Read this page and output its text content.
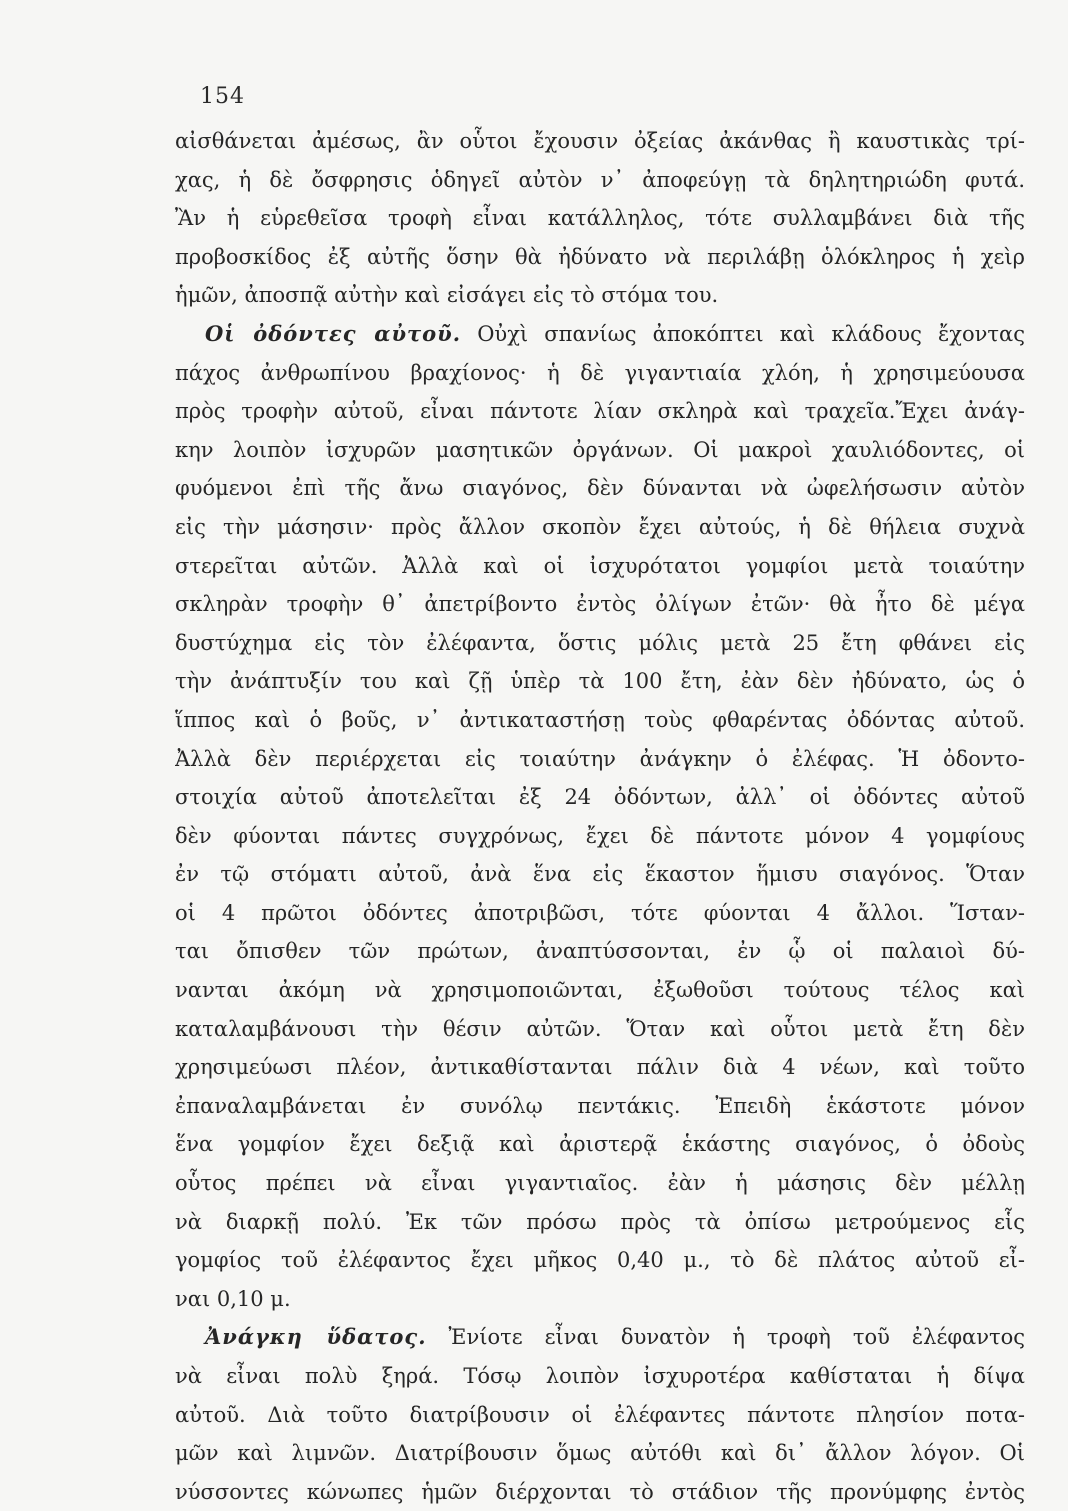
154
αἰσθάνεται ἀμέσως, ἂν οὗτοι ἔχουσιν ὀξείας ἀκάνθας ἢ καυστικὰς τρί-
χας, ἡ δὲ ὄσφρησις ὁδηγεῖ αὐτὸν ν᾿ ἀποφεύγῃ τὰ δηλητηριώδη φυτά.
Ἂν ἡ εὑρεθεῖσα τροφὴ εἶναι κατάλληλος, τότε συλλαμβάνει διὰ τῆς
προβοσκίδος ἐξ αὐτῆς ὅσην θὰ ἠδύνατο νὰ περιλάβῃ ὁλόκληρος ἡ χεὶρ
ἡμῶν, ἀποσπᾷ αὐτὴν καὶ εἰσάγει εἰς τὸ στόμα του.
Οἱ ὀδόντες αὐτοῦ. Οὐχὶ σπανίως ἀποκόπτει καὶ κλάδους ἔχοντας
πάχος ἀνθρωπίνου βραχίονος· ἡ δὲ γιγαντιαία χλόη, ἡ χρησιμεύουσα
πρὸς τροφὴν αὐτοῦ, εἶναι πάντοτε λίαν σκληρὰ καὶ τραχεῖα.Ἔχει ἀνάγ-
κην λοιπὸν ἰσχυρῶν μασητικῶν ὀργάνων. Οἱ μακροὶ χαυλιόδοντες, οἱ
φυόμενοι ἐπὶ τῆς ἄνω σιαγόνος, δὲν δύνανται νὰ ὠφελήσωσιν αὐτὸν
εἰς τὴν μάσησιν· πρὸς ἄλλον σκοπὸν ἔχει αὐτούς, ἡ δὲ θήλεια συχνὰ
στερεῖται αὐτῶν. Ἀλλὰ καὶ οἱ ἰσχυρότατοι γομφίοι μετὰ τοιαύτην
σκληρὰν τροφὴν θ᾿ ἀπετρίβοντο ἐντὸς ὀλίγων ἐτῶν· θὰ ἦτο δὲ μέγα
δυστύχημα εἰς τὸν ἐλέφαντα, ὅστις μόλις μετὰ 25 ἔτη φθάνει εἰς
τὴν ἀνάπτυξίν του καὶ ζῇ ὑπὲρ τὰ 100 ἔτη, ἐὰν δὲν ἠδύνατο, ὡς ὁ
ἵππος καὶ ὁ βοῦς, ν᾿ ἀντικαταστήσῃ τοὺς φθαρέντας ὀδόντας αὐτοῦ.
Ἀλλὰ δὲν περιέρχεται εἰς τοιαύτην ἀνάγκην ὁ ἐλέφας. Ἡ ὀδοντο-
στοιχία αὐτοῦ ἀποτελεῖται ἐξ 24 ὀδόντων, ἀλλ᾿ οἱ ὀδόντες αὐτοῦ
δὲν φύονται πάντες συγχρόνως, ἔχει δὲ πάντοτε μόνον 4 γομφίους
ἐν τῷ στόματι αὐτοῦ, ἀνὰ ἕνα εἰς ἕκαστον ἥμισυ σιαγόνος. Ὅταν
οἱ 4 πρῶτοι ὀδόντες ἀποτριβῶσι, τότε φύονται 4 ἄλλοι. Ἵσταν-
ται ὄπισθεν τῶν πρώτων, ἀναπτύσσονται, ἐν ᾧ οἱ παλαιοὶ δύ-
νανται ἀκόμη νὰ χρησιμοποιῶνται, ἐξωθοῦσι τούτους τέλος καὶ
καταλαμβάνουσι τὴν θέσιν αὐτῶν. Ὅταν καὶ οὗτοι μετὰ ἔτη δὲν
χρησιμεύωσι πλέον, ἀντικαθίστανται πάλιν διὰ 4 νέων, καὶ τοῦτο
ἐπαναλαμβάνεται ἐν συνόλῳ πεντάκις. Ἐπειδὴ ἑκάστοτε μόνον
ἕνα γομφίον ἔχει δεξιᾷ καὶ ἀριστερᾷ ἑκάστης σιαγόνος, ὁ ὀδοὺς
οὗτος πρέπει νὰ εἶναι γιγαντιαῖος. ἐὰν ἡ μάσησις δὲν μέλλῃ
νὰ διαρκῇ πολύ. Ἐκ τῶν πρόσω πρὸς τὰ ὀπίσω μετρούμενος εἷς
γομφίος τοῦ ἐλέφαντος ἔχει μῆκος 0,40 μ., τὸ δὲ πλάτος αὐτοῦ εἶ-
ναι 0,10 μ.
Ἀνάγκη ὕδατος. Ἐνίοτε εἶναι δυνατὸν ἡ τροφὴ τοῦ ἐλέφαντος
νὰ εἶναι πολὺ ξηρά. Τόσῳ λοιπὸν ἰσχυροτέρα καθίσταται ἡ δίψα
αὐτοῦ. Διὰ τοῦτο διατρίβουσιν οἱ ἐλέφαντες πάντοτε πλησίον ποτα-
μῶν καὶ λιμνῶν. Διατρίβουσιν ὅμως αὐτόθι καὶ δι᾿ ἄλλον λόγον. Οἱ
νύσσοντες κώνωπες ἡμῶν διέρχονται τὸ στάδιον τῆς προνύμφης ἐντὸς
